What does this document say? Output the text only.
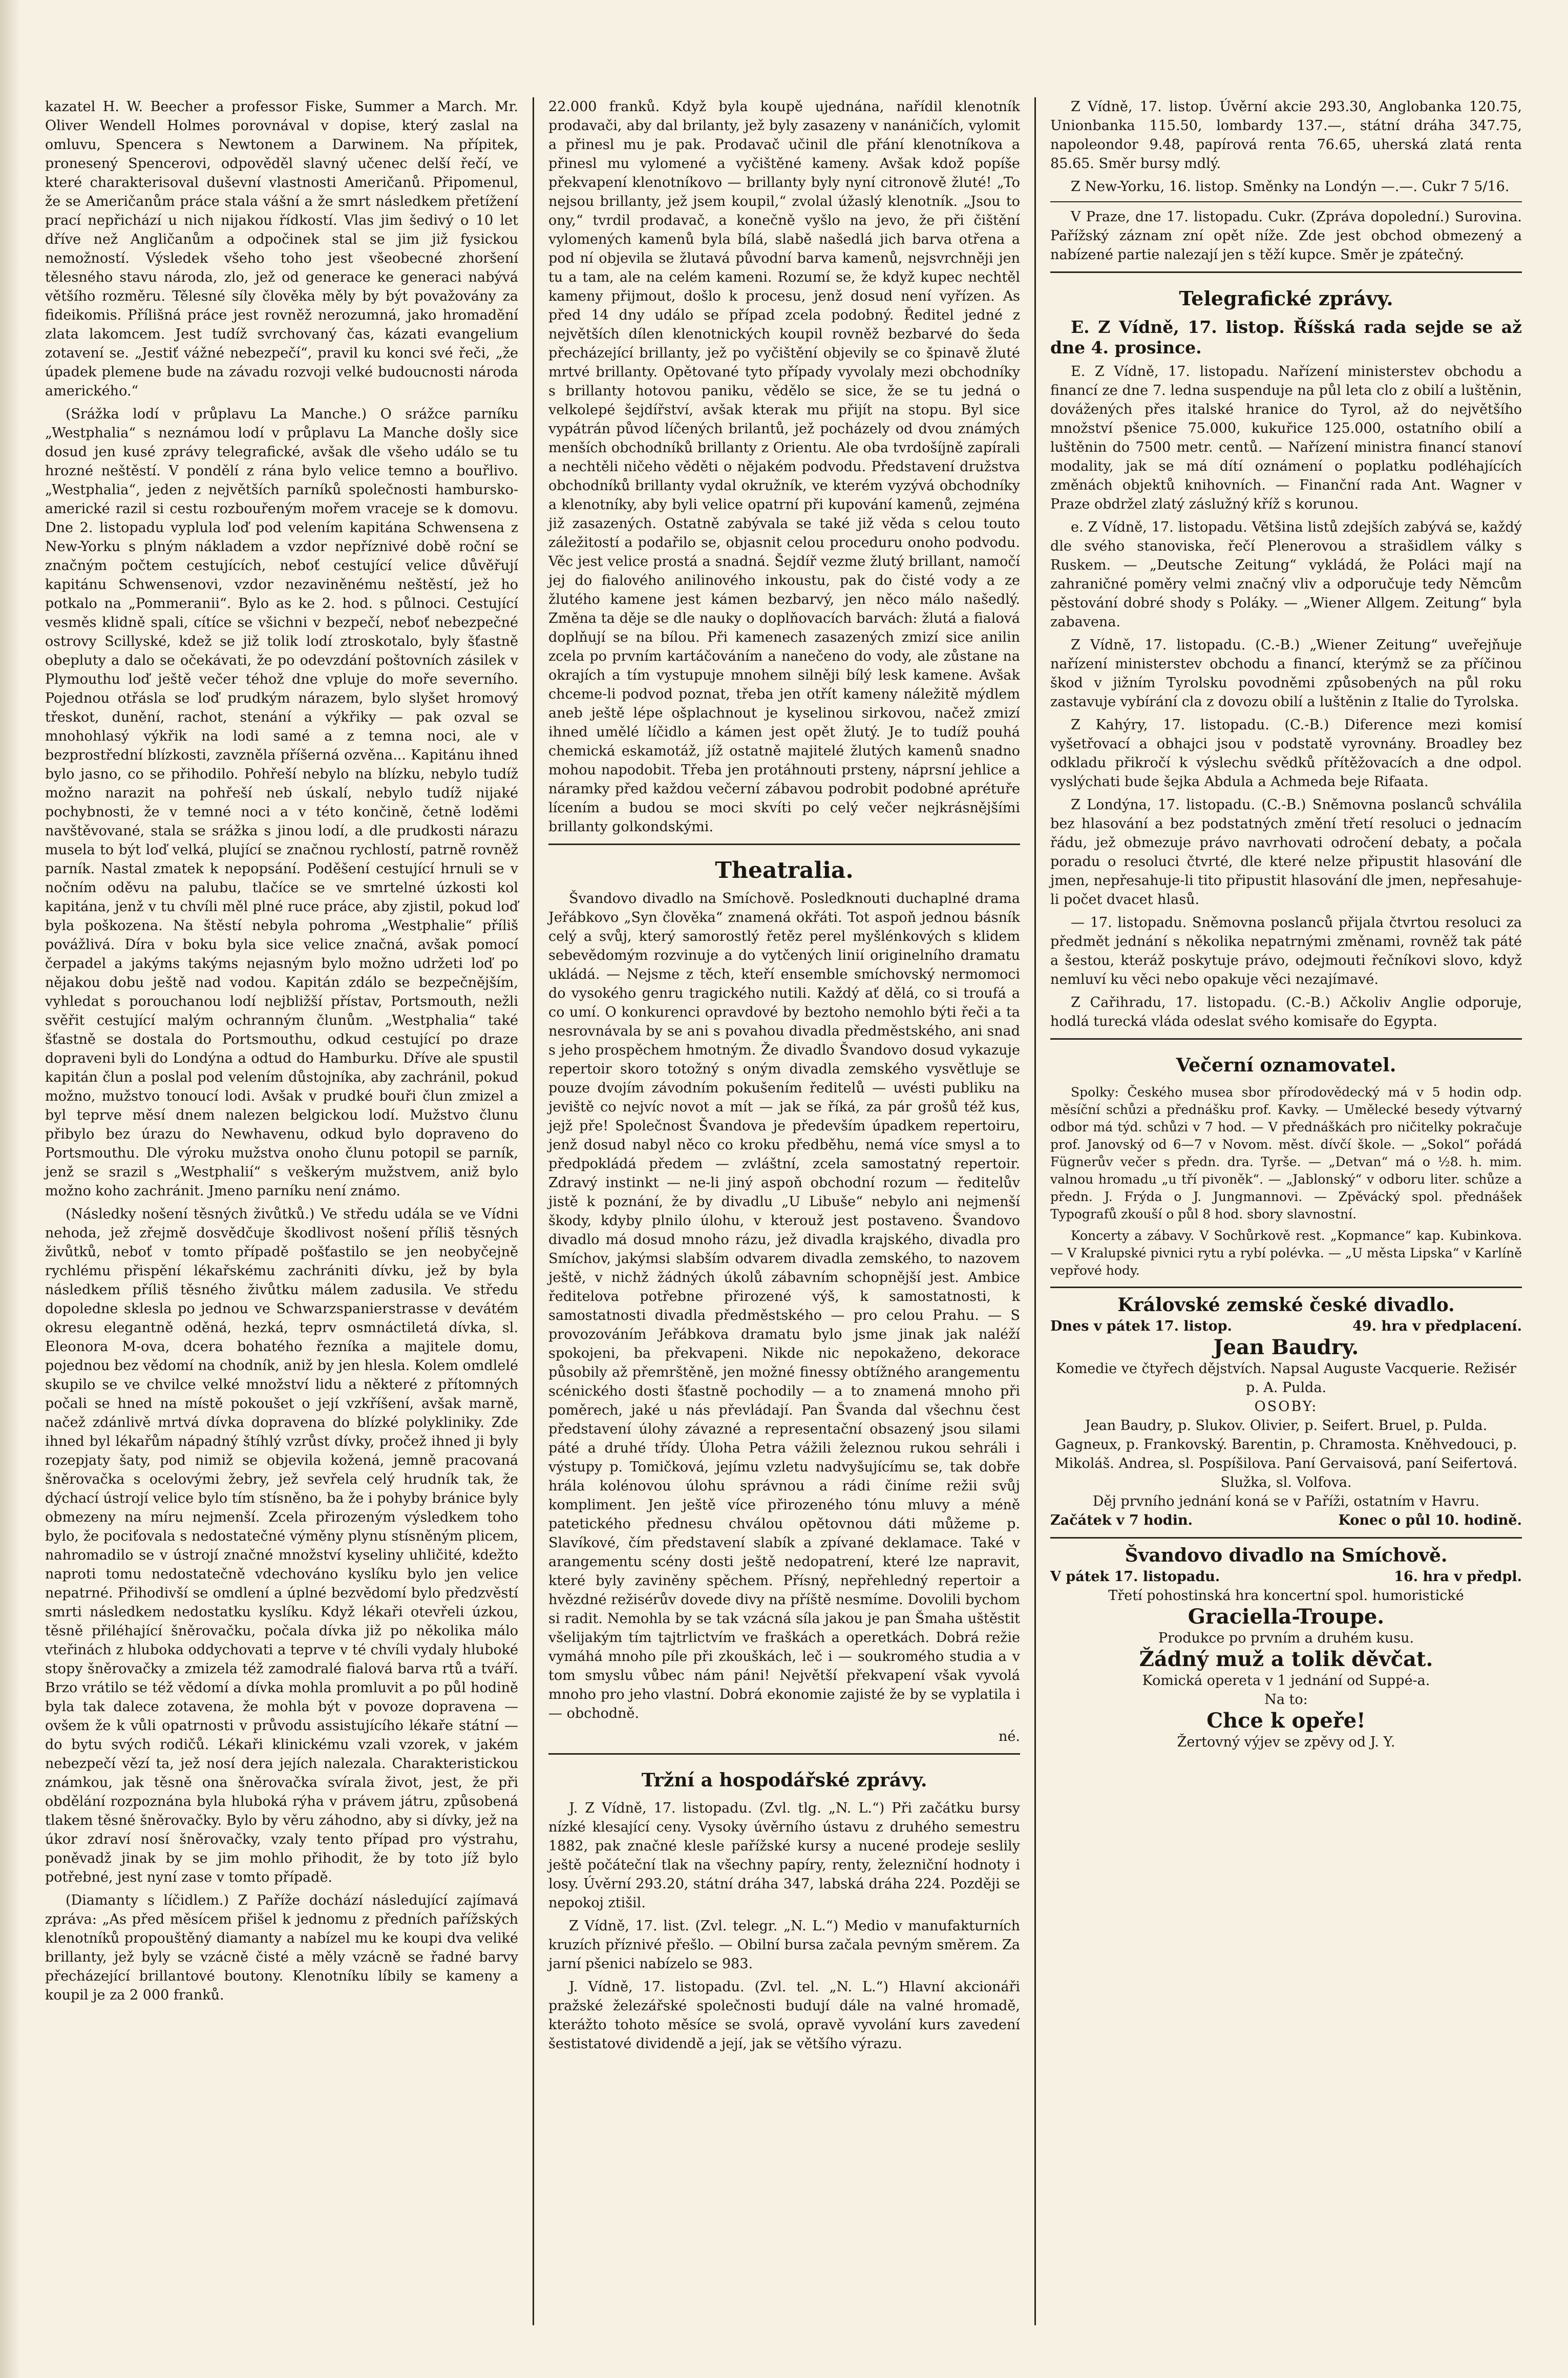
kazatel H. W. Beecher a professor Fiske, Summer a March. Mr. Oliver Wendell Holmes porovnával v dopise, který zaslal na omluvu, Spencera s Newtonem a Darwinem. Na přípitek, pronesený Spencerovi, odpověděl slavný učenec delší řečí, ve které charakterisoval duševní vlastnosti Američanů. Připomenul, že se Američanům práce stala vášní a že smrt následkem přetížení prací nepřichází u nich nijakou řídkostí. Vlas jim šedivý o 10 let dříve než Angličanům a odpočinek stal se jim již fysickou nemožností. Výsledek všeho toho jest všeobecné zhoršení tělesného stavu národa, zlo, jež od generace ke generaci nabývá většího rozměru. Tělesné síly člověka měly by být považovány za fideikomis. Přílišná práce jest rovněž nerozumná, jako hromadění zlata lakomcem. Jest tudíž svrchovaný čas, kázati evangelium zotavení se. „Jestiť vážné nebezpečí“, pravil ku konci své řeči, „že úpadek plemene bude na závadu rozvoji velké budoucnosti národa amerického.“

(Srážka lodí v průplavu La Manche.) O srážce parníku „Westphalia“ s neznámou lodí v průplavu La Manche došly sice dosud jen kusé zprávy telegrafické, avšak dle všeho událo se tu hrozné neštěstí. V pondělí z rána bylo velice temno a bouřlivo. „Westphalia“, jeden z největších parníků společnosti hambursko-americké razil si cestu rozbouřeným mořem vraceje se k domovu. Dne 2. listopadu vyplula loď pod velením kapitána Schwensena z New-Yorku s plným nákladem a vzdor nepříznivé době roční se značným počtem cestujících, neboť cestující velice důvěřují kapitánu Schwensenovi, vzdor nezaviněnému neštěstí, jež ho potkalo na „Pommeranii“. Bylo as ke 2. hod. s půlnoci. Cestující vesměs klidně spali, cítíce se všichni v bezpečí, neboť nebezpečné ostrovy Scillyské, kdež se již tolik lodí ztroskotalo, byly šťastně obepluty a dalo se očekávati, že po odevzdání poštovních zásilek v Plymouthu loď ještě večer téhož dne vpluje do moře severního. Pojednou otřásla se loď prudkým nárazem, bylo slyšet hromový třeskot, dunění, rachot, stenání a výkřiky — pak ozval se mnohohlasý výkřik na lodi samé a z temna noci, ale v bezprostřední blízkosti, zavzněla příšerná ozvěna... Kapitánu ihned bylo jasno, co se přihodilo. Pohřeší nebylo na blízku, nebylo tudíž možno narazit na pohřeší neb úskalí, nebylo tudíž nijaké pochybnosti, že v temné noci a v této končině, četně loděmi navštěvované, stala se srážka s jinou lodí, a dle prudkosti nárazu musela to být loď velká, plující se značnou rychlostí, patrně rovněž parník. Nastal zmatek k nepopsání. Poděšení cestující hrnuli se v nočním oděvu na palubu, tlačíce se ve smrtelné úzkosti kol kapitána, jenž v tu chvíli měl plné ruce práce, aby zjistil, pokud loď byla poškozena. Na štěstí nebyla pohroma „Westphalie“ příliš povážlivá. Díra v boku byla sice velice značná, avšak pomocí čerpadel a jakýms takýms nejasným bylo možno udržeti loď po nějakou dobu ještě nad vodou. Kapitán zdálo se bezpečnějším, vyhledat s porouchanou lodí nejbližší přístav, Portsmouth, nežli svěřit cestující malým ochranným člunům. „Westphalia“ také šťastně se dostala do Portsmouthu, odkud cestující po draze dopraveni byli do Londýna a odtud do Hamburku. Dříve ale spustil kapitán člun a poslal pod velením důstojníka, aby zachránil, pokud možno, mužstvo tonoucí lodi. Avšak v prudké bouři člun zmizel a byl teprve měsí dnem nalezen belgickou lodí. Mužstvo člunu přibylo bez úrazu do Newhavenu, odkud bylo dopraveno do Portsmouthu. Dle výroku mužstva onoho člunu potopil se parník, jenž se srazil s „Westphalií“ s veškerým mužstvem, aniž bylo možno koho zachránit. Jmeno parníku není známo.

(Následky nošení těsných živůtků.) Ve středu udála se ve Vídni nehoda, jež zřejmě dosvědčuje škodlivost nošení příliš těsných živůtků, neboť v tomto případě pošťastilo se jen neobyčejně rychlému přispění lékařskému zachrániti dívku, jež by byla následkem příliš těsného živůtku málem zadusila. Ve středu dopoledne sklesla po jednou ve Schwarzspanierstrasse v devátém okresu elegantně oděná, hezká, teprv osmnáctiletá dívka, sl. Eleonora M-ova, dcera bohatého řezníka a majitele domu, pojednou bez vědomí na chodník, aniž by jen hlesla. Kolem omdlelé skupilo se ve chvilce velké množství lidu a některé z přítomných počali se hned na místě pokoušet o její vzkříšení, avšak marně, načež zdánlivě mrtvá dívka dopravena do blízké polykliniky. Zde ihned byl lékařům nápadný štíhlý vzrůst dívky, pročež ihned ji byly rozepjaty šaty, pod nimiž se objevila kožená, jemně pracovaná šněrovačka s ocelovými žebry, jež sevřela celý hrudník tak, že dýchací ústrojí velice bylo tím stísněno, ba že i pohyby bránice byly obmezeny na míru nejmenší. Zcela přirozeným výsledkem toho bylo, že pociťovala s nedostatečné výměny plynu stísněným plicem, nahromadilo se v ústrojí značné množství kyseliny uhličité, kdežto naproti tomu nedostatečně vdechováno kyslíku bylo jen velice nepatrné. Přihodivší se omdlení a úplné bezvědomí bylo předzvěstí smrti následkem nedostatku kyslíku. Když lékaři otevřeli úzkou, těsně přiléhající šněrovačku, počala dívka již po několika málo vteřinách z hluboka oddychovati a teprve v té chvíli vydaly hluboké stopy šněrovačky a zmizela též zamodralé fialová barva rtů a tváří. Brzo vrátilo se též vědomí a dívka mohla promluvit a po půl hodině byla tak dalece zotavena, že mohla být v povoze dopravena — ovšem že k vůli opatrnosti v průvodu assistujícího lékaře státní — do bytu svých rodičů. Lékaři klinickému vzali vzorek, v jakém nebezpečí vězí ta, jež nosí dera jejích nalezala. Charakteristickou známkou, jak těsně ona šněrovačka svírala život, jest, že při obdělání rozpoznána byla hluboká rýha v právem játru, způsobená tlakem těsné šněrovačky. Bylo by věru záhodno, aby si dívky, jež na úkor zdraví nosí šněrovačky, vzaly tento případ pro výstrahu, poněvadž jinak by se jim mohlo přihodit, že by toto jíž bylo potřebné, jest nyní zase v tomto případě.

(Diamanty s líčidlem.) Z Paříže dochází následující zajímavá zpráva: „As před měsícem přišel k jednomu z předních pařížských klenotníků propouštěný diamanty a nabízel mu ke koupi dva veliké brillanty, jež byly se vzácně čisté a měly vzácně se řadné barvy přecházející brillantové boutony. Klenotníku líbily se kameny a koupil je za 2 000 franků.

22.000 franků. Když byla koupě ujednána, nařídil klenotník prodavači, aby dal brilanty, jež byly zasazeny v nanáničích, vylomit a přinesl mu je pak. Prodavač učinil dle přání klenotníkova a přinesl mu vylomené a vyčištěné kameny. Avšak kdož popíše překvapení klenotníkovo — brillanty byly nyní citronově žluté! „To nejsou brillanty, jež jsem koupil,“ zvolal úžaslý klenotník. „Jsou to ony,“ tvrdil prodavač, a konečně vyšlo na jevo, že při čištění vylomených kamenů byla bílá, slabě našedlá jich barva otřena a pod ní objevila se žlutavá původní barva kamenů, nejsvrchněji jen tu a tam, ale na celém kameni. Rozumí se, že když kupec nechtěl kameny přijmout, došlo k procesu, jenž dosud není vyřízen. As před 14 dny událo se případ zcela podobný. Ředitel jedné z největších dílen klenotnických koupil rovněž bezbarvé do šeda přecházející brillanty, jež po vyčištění objevily se co špinavě žluté mrtvé brillanty. Opětované tyto případy vyvolaly mezi obchodníky s brillanty hotovou paniku, vědělo se sice, že se tu jedná o velkolepé šejdířství, avšak kterak mu přijít na stopu. Byl sice vypátrán původ líčených brilantů, jež pocházely od dvou známých menších obchodníků brillanty z Orientu. Ale oba tvrdošíjně zapírali a nechtěli ničeho věděti o nějakém podvodu. Představení družstva obchodníků brillanty vydal okružník, ve kterém vyzývá obchodníky a klenotníky, aby byli velice opatrní při kupování kamenů, zejména již zasazených. Ostatně zabývala se také již věda s celou touto záležitostí a podařilo se, objasnit celou proceduru onoho podvodu. Věc jest velice prostá a snadná. Šejdíř vezme žlutý brillant, namočí jej do fialového anilinového inkoustu, pak do čisté vody a ze žlutého kamene jest kámen bezbarvý, jen něco málo našedlý. Změna ta děje se dle nauky o doplňovacích barvách: žlutá a fialová doplňují se na bílou. Při kamenech zasazených zmizí sice anilin zcela po prvním kartáčováním a nanečeno do vody, ale zůstane na okrajích a tím vystupuje mnohem silněji bílý lesk kamene. Avšak chceme-li podvod poznat, třeba jen otřít kameny náležitě mýdlem aneb ještě lépe ošplachnout je kyselinou sirkovou, načež zmizí ihned umělé líčidlo a kámen jest opět žlutý. Je to tudíž pouhá chemická eskamotáž, jíž ostatně majitelé žlutých kamenů snadno mohou napodobit. Třeba jen protáhnouti prsteny, náprsní jehlice a náramky před každou večerní zábavou podrobit podobné aprétuře lícením a budou se moci skvíti po celý večer nejkrásnějšími brillanty golkondskými.

Theatralia.

Švandovo divadlo na Smíchově. Posledknouti duchaplné drama Jeřábkovo „Syn člověka“ znamená okřáti. Tot aspoň jednou básník celý a svůj, který samorostlý řetěz perel myšlénkových s klidem sebevědomým rozvinuje a do vytčených linií originelního dramatu ukládá. — Nejsme z těch, kteří ensemble smíchovský nermomoci do vysokého genru tragického nutili. Každý ať dělá, co si troufá a co umí. O konkurenci opravdové by beztoho nemohlo býti řeči a ta nesrovnávala by se ani s povahou divadla předměstského, ani snad s jeho prospěchem hmotným. Že divadlo Švandovo dosud vykazuje repertoir skoro totožný s oným divadla zemského vysvětluje se pouze dvojím závodním pokušením ředitelů — uvésti publiku na jeviště co nejvíc novot a mít — jak se říká, za pár grošů též kus, jejž pře! Společnost Švandova je především úpadkem repertoiru, jenž dosud nabyl něco co kroku předběhu, nemá více smysl a to předpokládá předem — zvláštní, zcela samostatný repertoir. Zdravý instinkt — ne-li jiný aspoň obchodní rozum — ředitelův jistě k poznání, že by divadlu „U Libuše“ nebylo ani nejmenší škody, kdyby plnilo úlohu, v kterouž jest postaveno. Švandovo divadlo má dosud mnoho rázu, jež divadla krajského, divadla pro Smíchov, jakýmsi slabším odvarem divadla zemského, to nazovem ještě, v nichž žádných úkolů zábavním schopnější jest. Ambice ředitelova potřebne přirozené výš, k samostatnosti, k samostatnosti divadla předměstského — pro celou Prahu. — S provozováním Jeřábkova dramatu bylo jsme jinak jak naléží spokojeni, ba překvapeni. Nikde nic nepokaženo, dekorace působily až přemrštěně, jen možné finessy obtížného arangementu scénického dosti šťastně pochodily — a to znamená mnoho při poměrech, jaké u nás převládají. Pan Švanda dal všechnu čest představení úlohy závazné a representační obsazený jsou silami páté a druhé třídy. Úloha Petra vážili železnou rukou sehráli i výstupy p. Tomičková, jejímu vzletu nadvyšujícímu se, tak dobře hrála kolénovou úlohu správnou a rádi činíme režii svůj kompliment. Jen ještě více přirozeného tónu mluvy a méně patetického přednesu chválou opětovnou dáti můžeme p. Slavíkové, čím představení slabík a zpívané deklamace. Také v arangementu scény dosti ještě nedopatrení, které lze napravit, které byly zaviněny spěchem. Přísný, nepřehledný repertoir a hvězdné režisérův dovede divy na příště nesmíme. Dovolili bychom si radit. Nemohla by se tak vzácná síla jakou je pan Šmaha uštěstit všelijakým tím tajtrlictvím ve fraškách a operetkách. Dobrá režie vymáhá mnoho píle při zkouškách, leč i — soukromého studia a v tom smyslu vůbec nám páni! Největší překvapení však vyvolá mnoho pro jeho vlastní. Dobrá ekonomie zajisté že by se vyplatila i — obchodně.

né.
Tržní a hospodářské zprávy.

J. Z Vídně, 17. listopadu. (Zvl. tlg. „N. L.“) Při začátku bursy nízké klesající ceny. Vysoky úvěrního ústavu z druhého semestru 1882, pak značné klesle pařížské kursy a nucené prodeje seslily ještě počáteční tlak na všechny papíry, renty, železniční hodnoty i losy. Úvěrní 293.20, státní dráha 347, labská dráha 224. Později se nepokoj ztišil.

Z Vídně, 17. list. (Zvl. telegr. „N. L.“) Medio v manufakturních kruzích příznivé přešlo. — Obilní bursa začala pevným směrem. Za jarní pšenici nabízelo se 983.

J. Vídně, 17. listopadu. (Zvl. tel. „N. L.“) Hlavní akcionáři pražské železářské společnosti budují dále na valné hromadě, kterážto tohoto měsíce se svolá, opravě vyvolání kurs zavedení šestistatové dividendě a její, jak se většího výrazu.

Z Vídně, 17. listop. Úvěrní akcie 293.30, Anglobanka 120.75, Unionbanka 115.50, lombardy 137.—, státní dráha 347.75, napoleondor 9.48, papírová renta 76.65, uherská zlatá renta 85.65. Směr bursy mdlý.

Z New-Yorku, 16. listop. Směnky na Londýn —.—. Cukr 7 5/16.

V Praze, dne 17. listopadu. Cukr. (Zpráva dopolední.) Surovina. Pařížský záznam zní opět níže. Zde jest obchod obmezený a nabízené partie nalezají jen s těží kupce. Směr je zpátečný.

Telegrafické zprávy.

E. Z Vídně, 17. listop. Říšská rada sejde se až dne 4. prosince.

E. Z Vídně, 17. listopadu. Nařízení ministerstev obchodu a financí ze dne 7. ledna suspenduje na půl leta clo z obilí a luštěnin, dovážených přes italské hranice do Tyrol, až do největšího množství pšenice 75.000, kukuřice 125.000, ostatního obilí a luštěnin do 7500 metr. centů. — Nařízení ministra financí stanoví modality, jak se má dítí oznámení o poplatku podléhajících změnách objektů knihovních. — Finanční rada Ant. Wagner v Praze obdržel zlatý záslužný kříž s korunou.

e. Z Vídně, 17. listopadu. Většina listů zdejších zabývá se, každý dle svého stanoviska, řečí Plenerovou a strašidlem války s Ruskem. — „Deutsche Zeitung“ vykládá, že Poláci mají na zahraničné poměry velmi značný vliv a odporučuje tedy Němcům pěstování dobré shody s Poláky. — „Wiener Allgem. Zeitung“ byla zabavena.

Z Vídně, 17. listopadu. (C.-B.) „Wiener Zeitung“ uveřejňuje nařízení ministerstev obchodu a financí, kterýmž se za příčinou škod v jižním Tyrolsku povodněmi způsobených na půl roku zastavuje vybírání cla z dovozu obilí a luštěnin z Italie do Tyrolska.

Z Kahýry, 17. listopadu. (C.-B.) Diference mezi komisí vyšetřovací a obhajci jsou v podstatě vyrovnány. Broadley bez odkladu přikročí k výslechu svědků přítěžovacích a dne odpol. vyslýchati bude šejka Abdula a Achmeda beje Rifaata.

Z Londýna, 17. listopadu. (C.-B.) Sněmovna poslanců schválila bez hlasování a bez podstatných změní třetí resoluci o jednacím řádu, jež obmezuje právo navrhovati odročení debaty, a počala poradu o resoluci čtvrté, dle které nelze připustit hlasování dle jmen, nepřesahuje-li tito připustit hlasování dle jmen, nepřesahuje-li počet dvacet hlasů.

— 17. listopadu. Sněmovna poslanců přijala čtvrtou resoluci za předmět jednání s několika nepatrnými změnami, rovněž tak páté a šestou, kteráž poskytuje právo, odejmouti řečníkovi slovo, když nemluví ku věci nebo opakuje věci nezajímavé.

Z Cařihradu, 17. listopadu. (C.-B.) Ačkoliv Anglie odporuje, hodlá turecká vláda odeslat svého komisaře do Egypta.

Večerní oznamovatel.

Spolky: Českého musea sbor přírodovědecký má v 5 hodin odp. měsíční schůzi a přednášku prof. Kavky. — Umělecké besedy výtvarný odbor má týd. schůzi v 7 hod. — V přednáškách pro ničitelky pokračuje prof. Janovský od 6—7 v Novom. měst. dívčí škole. — „Sokol“ pořádá Fügnerův večer s předn. dra. Tyrše. — „Detvan“ má o ½8. h. mim. valnou hromadu „u tří pivoněk“. — „Jablonský“ v odboru liter. schůze a předn. J. Frýda o J. Jungmannovi. — Zpěvácký spol. přednášek Typografů zkouší o půl 8 hod. sbory slavnostní.

Koncerty a zábavy. V Sochůrkově rest. „Kopmance“ kap. Kubinkova. — V Kralupské pivnici rytu a rybí polévka. — „U města Lipska“ v Karlíně vepřové hody.

Královské zemské české divadlo.
Dnes v pátek 17. listop.	49. hra v předplacení.
Jean Baudry.
Komedie ve čtyřech dějstvích. Napsal Auguste Vacquerie. Režisér p. A. Pulda.
OSOBY:
Jean Baudry, p. Slukov. Olivier, p. Seifert. Bruel, p. Pulda. Gagneux, p. Frankovský. Barentin, p. Chramosta. Kněhvedouci, p. Mikoláš. Andrea, sl. Pospíšilova. Paní Gervaisová, paní Seifertová. Služka, sl. Volfova.
Děj prvního jednání koná se v Paříži, ostatním v Havru.
Začátek v 7 hodin.	Konec o půl 10. hodině.
Švandovo divadlo na Smíchově.
V pátek 17. listopadu.	16. hra v předpl.
Třetí pohostinská hra koncertní spol. humoristické
Graciella-Troupe.
Produkce po prvním a druhém kusu.
Žádný muž a tolik děvčat.
Komická opereta v 1 jednání od Suppé-a.
Na to:
Chce k opeře!
Žertovný výjev se zpěvy od J. Y.
